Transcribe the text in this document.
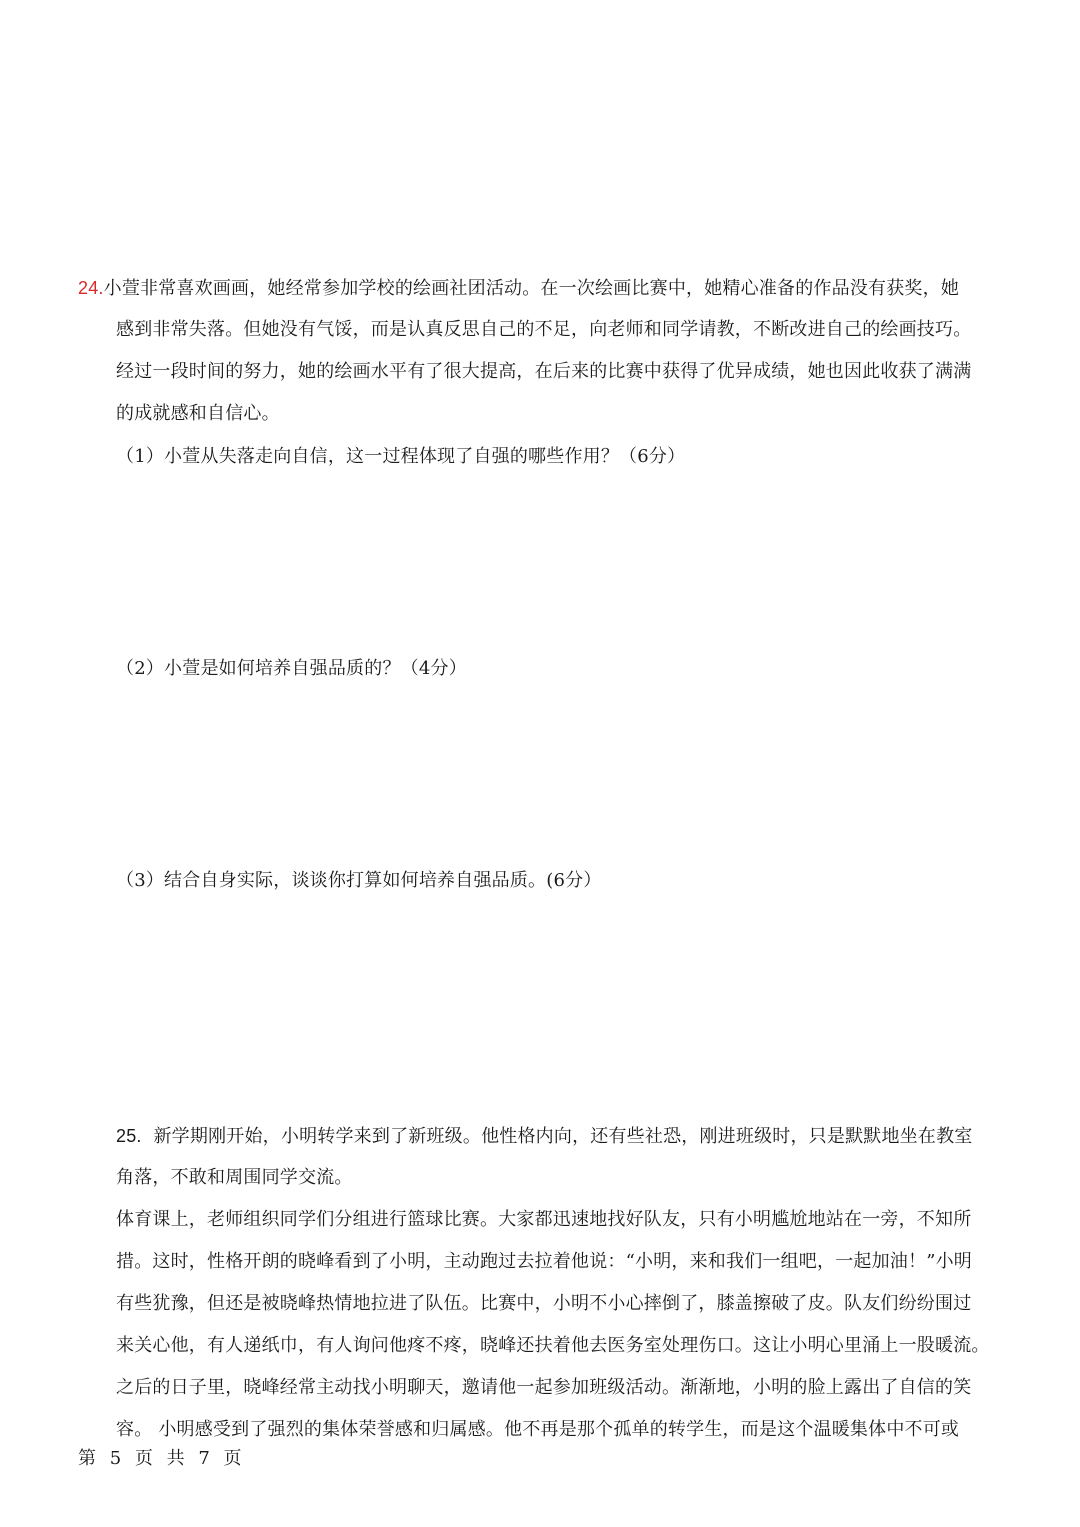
24.小萱非常喜欢画画，她经常参加学校的绘画社团活动。在一次绘画比赛中，她精心准备的作品没有获奖，她
感到非常失落。但她没有气馁，而是认真反思自己的不足，向老师和同学请教，不断改进自己的绘画技巧。
经过一段时间的努力，她的绘画水平有了很大提高，在后来的比赛中获得了优异成绩，她也因此收获了满满
的成就感和自信心。
（1）小萱从失落走向自信，这一过程体现了自强的哪些作用？（6分）
（2）小萱是如何培养自强品质的？（4分）
（3）结合自身实际，谈谈你打算如何培养自强品质。(6分）
25. 新学期刚开始，小明转学来到了新班级。他性格内向，还有些社恐，刚进班级时，只是默默地坐在教室
角落，不敢和周围同学交流。
体育课上，老师组织同学们分组进行篮球比赛。大家都迅速地找好队友，只有小明尴尬地站在一旁，不知所
措。这时，性格开朗的晓峰看到了小明，主动跑过去拉着他说：“小明，来和我们一组吧，一起加油！”小明
有些犹豫，但还是被晓峰热情地拉进了队伍。比赛中，小明不小心摔倒了，膝盖擦破了皮。队友们纷纷围过
来关心他，有人递纸巾，有人询问他疼不疼，晓峰还扶着他去医务室处理伤口。这让小明心里涌上一股暖流。
之后的日子里，晓峰经常主动找小明聊天，邀请他一起参加班级活动。渐渐地，小明的脸上露出了自信的笑
容。 小明感受到了强烈的集体荣誉感和归属感。他不再是那个孤单的转学生，而是这个温暖集体中不可或
第 5 页 共 7 页
